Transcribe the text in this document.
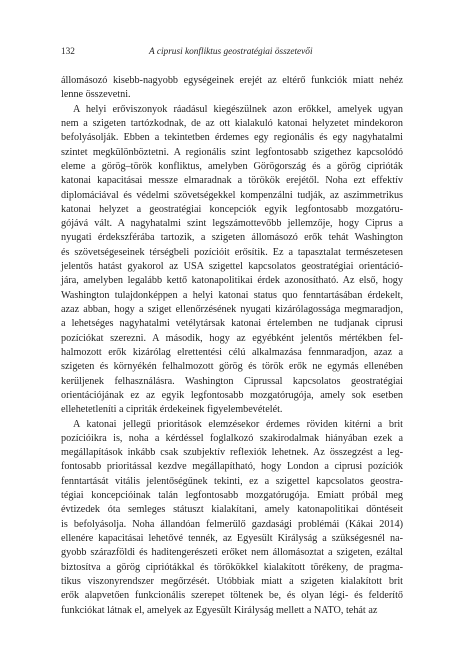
132	A ciprusi konfliktus geostratégiai összetevői
állomásozó kisebb-nagyobb egységeinek erejét az eltérő funkciók miatt nehéz
lenne összevetni.
A helyi erőviszonyok ráadásul kiegészülnek azon erőkkel, amelyek ugyan
nem a szigeten tartózkodnak, de az ott kialakuló katonai helyzetet mindekoron
befolyásolják. Ebben a tekintetben érdemes egy regionális és egy nagyhatalmi
szintet megkülönböztetni. A regionális szint legfontosabb szigethez kapcsolódó
eleme a görög–török konfliktus, amelyben Görögország és a görög ciprióták
katonai kapacitásai messze elmaradnak a törökök erejétől. Noha ezt effektív
diplomáciával és védelmi szövetségekkel kompenzálni tudják, az aszimmetrikus
katonai helyzet a geostratégiai koncepciók egyik legfontosabb mozgatóru-
gójává vált. A nagyhatalmi szint legszámottevőbb jellemzője, hogy Ciprus a
nyugati érdekszférába tartozik, a szigeten állomásozó erők tehát Washington
és szövetségeseinek térségbeli pozícióit erősítik. Ez a tapasztalat természetesen
jelentős hatást gyakorol az USA szigettel kapcsolatos geostratégiai orientáció-
jára, amelyben legalább kettő katonapolitikai érdek azonosítható. Az első, hogy
Washington tulajdonképpen a helyi katonai status quo fenntartásában érdekelt,
azaz abban, hogy a sziget ellenőrzésének nyugati kizárólagossága megmaradjon,
a lehetséges nagyhatalmi vetélytársak katonai értelemben ne tudjanak ciprusi
pozíciókat szerezni. A második, hogy az egyébként jelentős mértékben fel-
halmozott erők kizárólag elrettentési célú alkalmazása fennmaradjon, azaz a
szigeten és környékén felhalmozott görög és török erők ne egymás ellenében
kerüljenek felhasználásra. Washington Ciprussal kapcsolatos geostratégiai
orientációjának ez az egyik legfontosabb mozgatórugója, amely sok esetben
ellehetetleníti a cipriták érdekeinek figyelembevételét.
A katonai jellegű prioritások elemzésekor érdemes röviden kitérni a brit
pozícióikra is, noha a kérdéssel foglalkozó szakirodalmak hiányában ezek a
megállapítások inkább csak szubjektív reflexiók lehetnek. Az összegzést a leg-
fontosabb prioritással kezdve megállapítható, hogy London a ciprusi pozíciók
fenntartását vitális jelentőségűnek tekinti, ez a szigettel kapcsolatos geostra-
tégiai koncepcióinak talán legfontosabb mozgatórugója. Emiatt próbál meg
évtizedek óta semleges státuszt kialakítani, amely katonapolitikai döntéseit
is befolyásolja. Noha állandóan felmerülő gazdasági problémái (Kákai 2014)
ellenére kapacitásai lehetővé tennék, az Egyesült Királyság a szükségesnél na-
gyobb szárazföldi és haditengerészeti erőket nem állomásoztat a szigeten, ezáltal
biztosítva a görög cipriótákkal és törökökkel kialakított törékeny, de pragma-
tikus viszonyrendszer megőrzését. Utóbbiak miatt a szigeten kialakított brit
erők alapvetően funkcionális szerepet töltenek be, és olyan légi- és felderítő
funkciókat látnak el, amelyek az Egyesült Királyság mellett a NATO, tehát az
